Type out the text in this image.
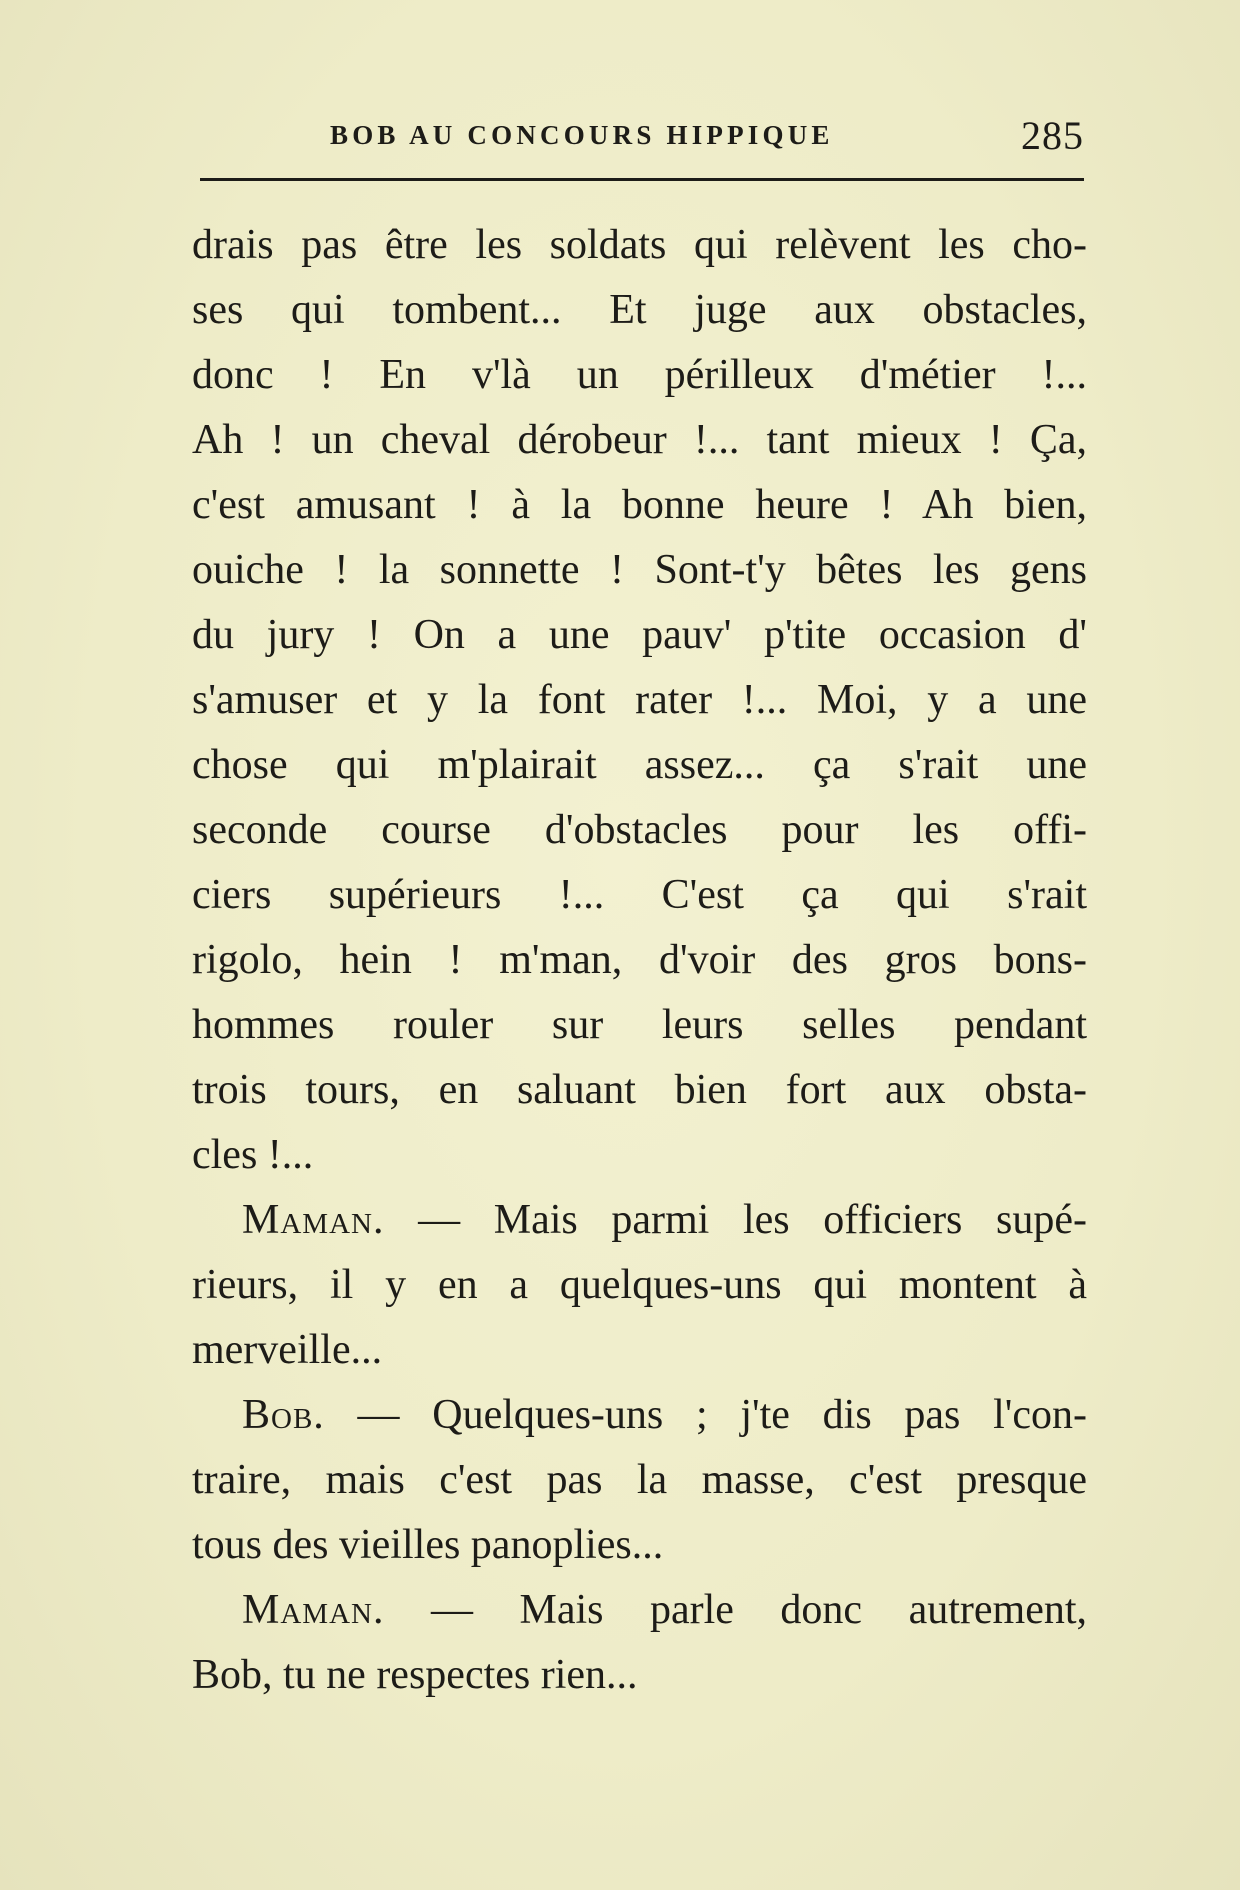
BOB AU CONCOURS HIPPIQUE	285
drais pas être les soldats qui relèvent les cho-
ses qui tombent... Et juge aux obstacles,
donc ! En v'là un périlleux d'métier !...
Ah ! un cheval dérobeur !... tant mieux ! Ça,
c'est amusant ! à la bonne heure ! Ah bien,
ouiche ! la sonnette ! Sont-t'y bêtes les gens
du jury ! On a une pauv' p'tite occasion d'
s'amuser et y la font rater !... Moi, y a une
chose qui m'plairait assez... ça s'rait une
seconde course d'obstacles pour les offi-
ciers supérieurs !... C'est ça qui s'rait
rigolo, hein ! m'man, d'voir des gros bons-
hommes rouler sur leurs selles pendant
trois tours, en saluant bien fort aux obsta-
cles !...
Maman. — Mais parmi les officiers supé-
rieurs, il y en a quelques-uns qui montent à
merveille...
Bob. — Quelques-uns ; j'te dis pas l'con-
traire, mais c'est pas la masse, c'est presque
tous des vieilles panoplies...
Maman. — Mais parle donc autrement,
Bob, tu ne respectes rien...
